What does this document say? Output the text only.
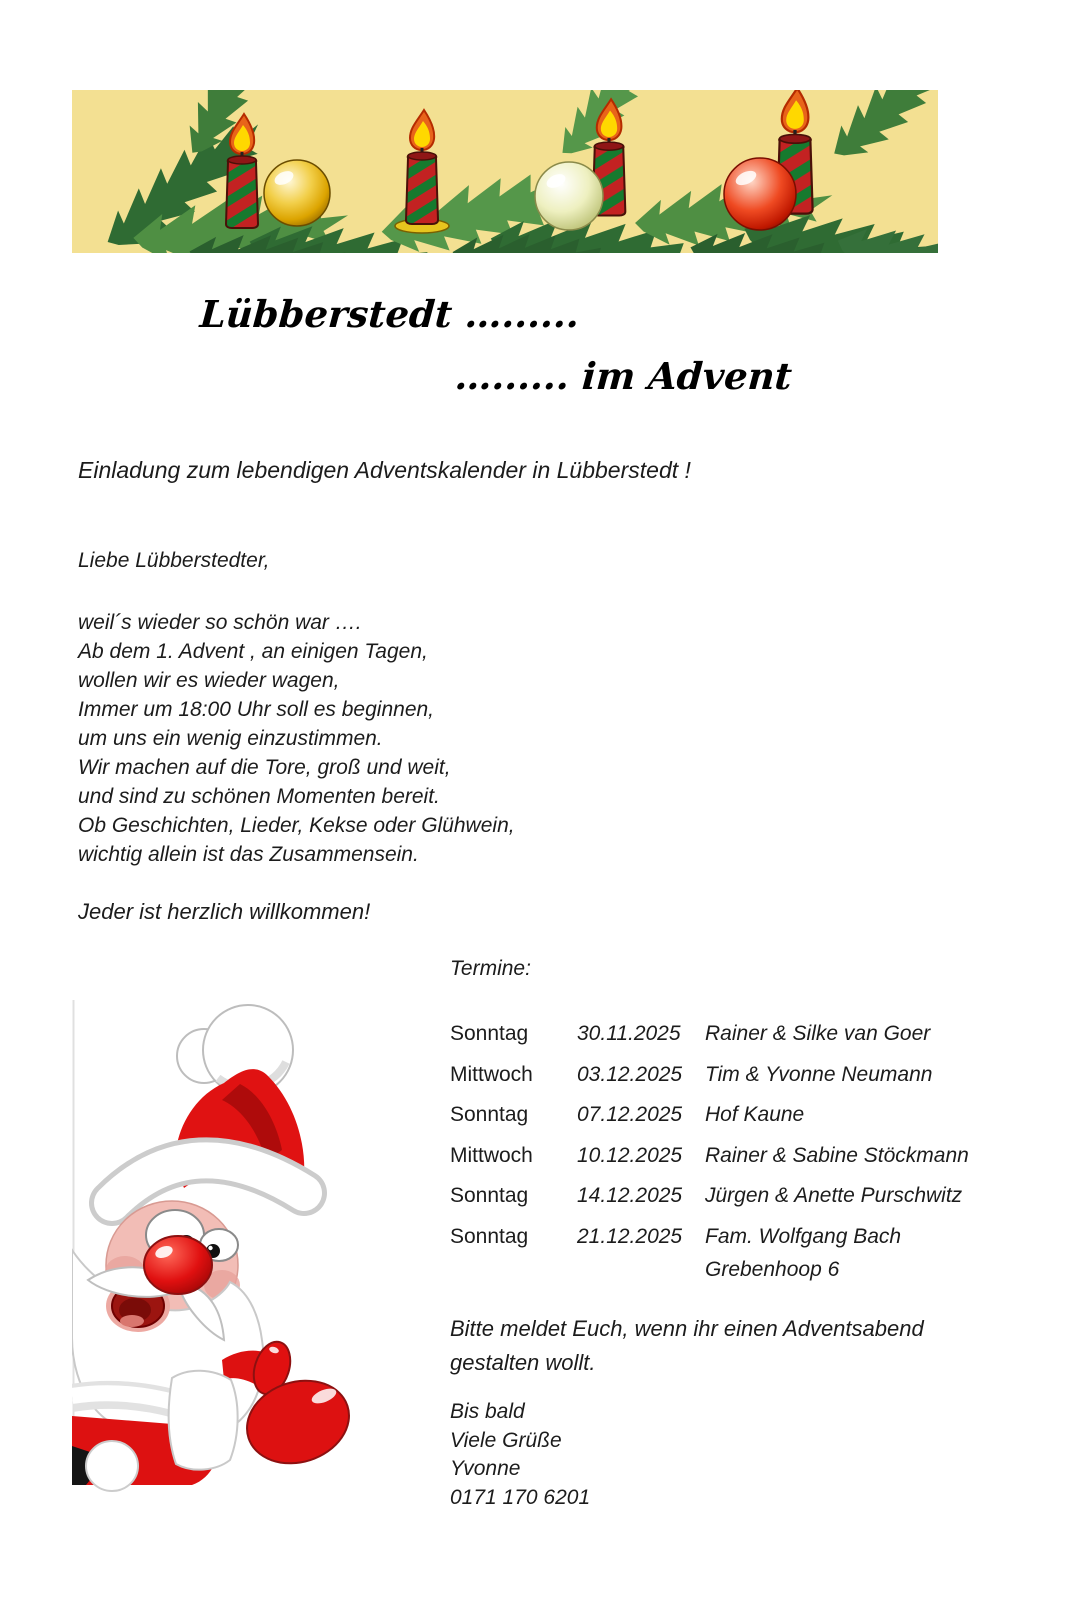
Lübberstedt …......
…...... im Advent
Einladung zum lebendigen Adventskalender in Lübberstedt !
Liebe Lübberstedter,
weil´s wieder so schön war ….
Ab dem 1. Advent , an einigen Tagen,
wollen wir es wieder wagen,
Immer um 18:00 Uhr soll es beginnen,
um uns ein wenig einzustimmen.
Wir machen auf die Tore, groß und weit,
und sind zu schönen Momenten bereit.
Ob Geschichten, Lieder, Kekse oder Glühwein,
wichtig allein ist das Zusammensein.
Jeder ist herzlich willkommen!
Termine:
Sonntag	30.11.2025	Rainer & Silke van Goer
Mittwoch	03.12.2025	Tim & Yvonne Neumann
Sonntag	07.12.2025	Hof Kaune
Mittwoch	10.12.2025	Rainer & Sabine Stöckmann
Sonntag	14.12.2025	Jürgen & Anette Purschwitz
Sonntag	21.12.2025	Fam. Wolfgang Bach
Grebenhoop 6
Bitte meldet Euch, wenn ihr einen Adventsabend
gestalten wollt.
Bis bald
Viele Grüße
Yvonne
0171 170 6201
